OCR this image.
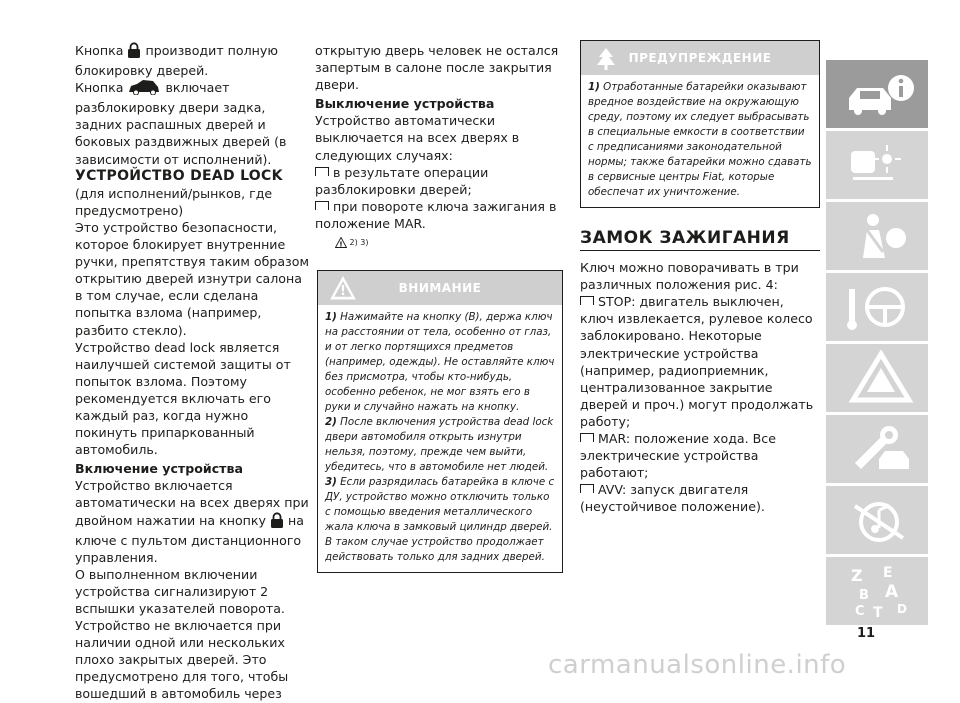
Кнопка производит полную блокировку дверей.

Кнопка	включает разблокировку двери задка, задних распашных дверей и боковых раздвижных дверей (в зависимости от исполнений).

УСТРОЙСТВО DEAD LOCK

(для исполнений/рынков, где предусмотрено)

Это устройство безопасности, которое блокирует внутренние ручки, препятствуя таким образом открытию дверей изнутри салона в том случае, если сделана попытка взлома (например, разбито стекло).

Устройство dead lock является наилучшей системой защиты от попыток взлома. Поэтому рекомендуется включать его каждый раз, когда нужно покинуть припаркованный автомобиль.

Включение устройства

Устройство включается автоматически на всех дверях при двойном нажатии на кнопку на ключе с пультом дистанционного управления.

О выполненном включении устройства сигнализируют 2 вспышки указателей поворота.

Устройство не включается при наличии одной или нескольких плохо закрытых дверей. Это предусмотрено для того, чтобы вошедший в автомобиль через

открытую дверь человек не остался запертым в салоне после закрытия двери.

Выключение устройства

Устройство автоматически выключается на всех дверях в следующих случаях:

в результате операции разблокировки дверей;

при повороте ключа зажигания в положение MAR.

! 2) 3)
!	ВНИМАНИЕ

1) Нажимайте на кнопку (B), держа ключ на расстоянии от тела, особенно от глаз, и от легко портящихся предметов (например, одежды). Не оставляйте ключ без присмотра, чтобы кто-нибудь, особенно ребенок, не мог взять его в руки и случайно нажать на кнопку.

2) После включения устройства dead lock двери автомобиля открыть изнутри нельзя, поэтому, прежде чем выйти, убедитесь, что в автомобиле нет людей.

3) Если разрядилась батарейка в ключе с ДУ, устройство можно отключить только с помощью введения металлического жала ключа в замковый цилиндр дверей. В таком случае устройство продолжает действовать только для задних дверей.

ПРЕДУПРЕЖДЕНИЕ
1) Отработанные батарейки оказывают вредное воздействие на окружающую среду, поэтому их следует выбрасывать в специальные емкости в соответствии с предписаниями законодательной нормы; также батарейки можно сдавать в сервисные центры Fiat, которые обеспечат их уничтожение.

ЗАМОК ЗАЖИГАНИЯ

Ключ можно поворачивать в три различных положения рис. 4:

STOP: двигатель выключен, ключ извлекается, рулевое колесо заблокировано. Некоторые электрические устройства (например, радиоприемник, централизованное закрытие дверей и проч.) могут продолжать работу;

MAR: положение хода. Все электрические устройства работают;

AVV: запуск двигателя (неустойчивое положение).

Z E
B A
C T D
11
carmanualsonline.info
